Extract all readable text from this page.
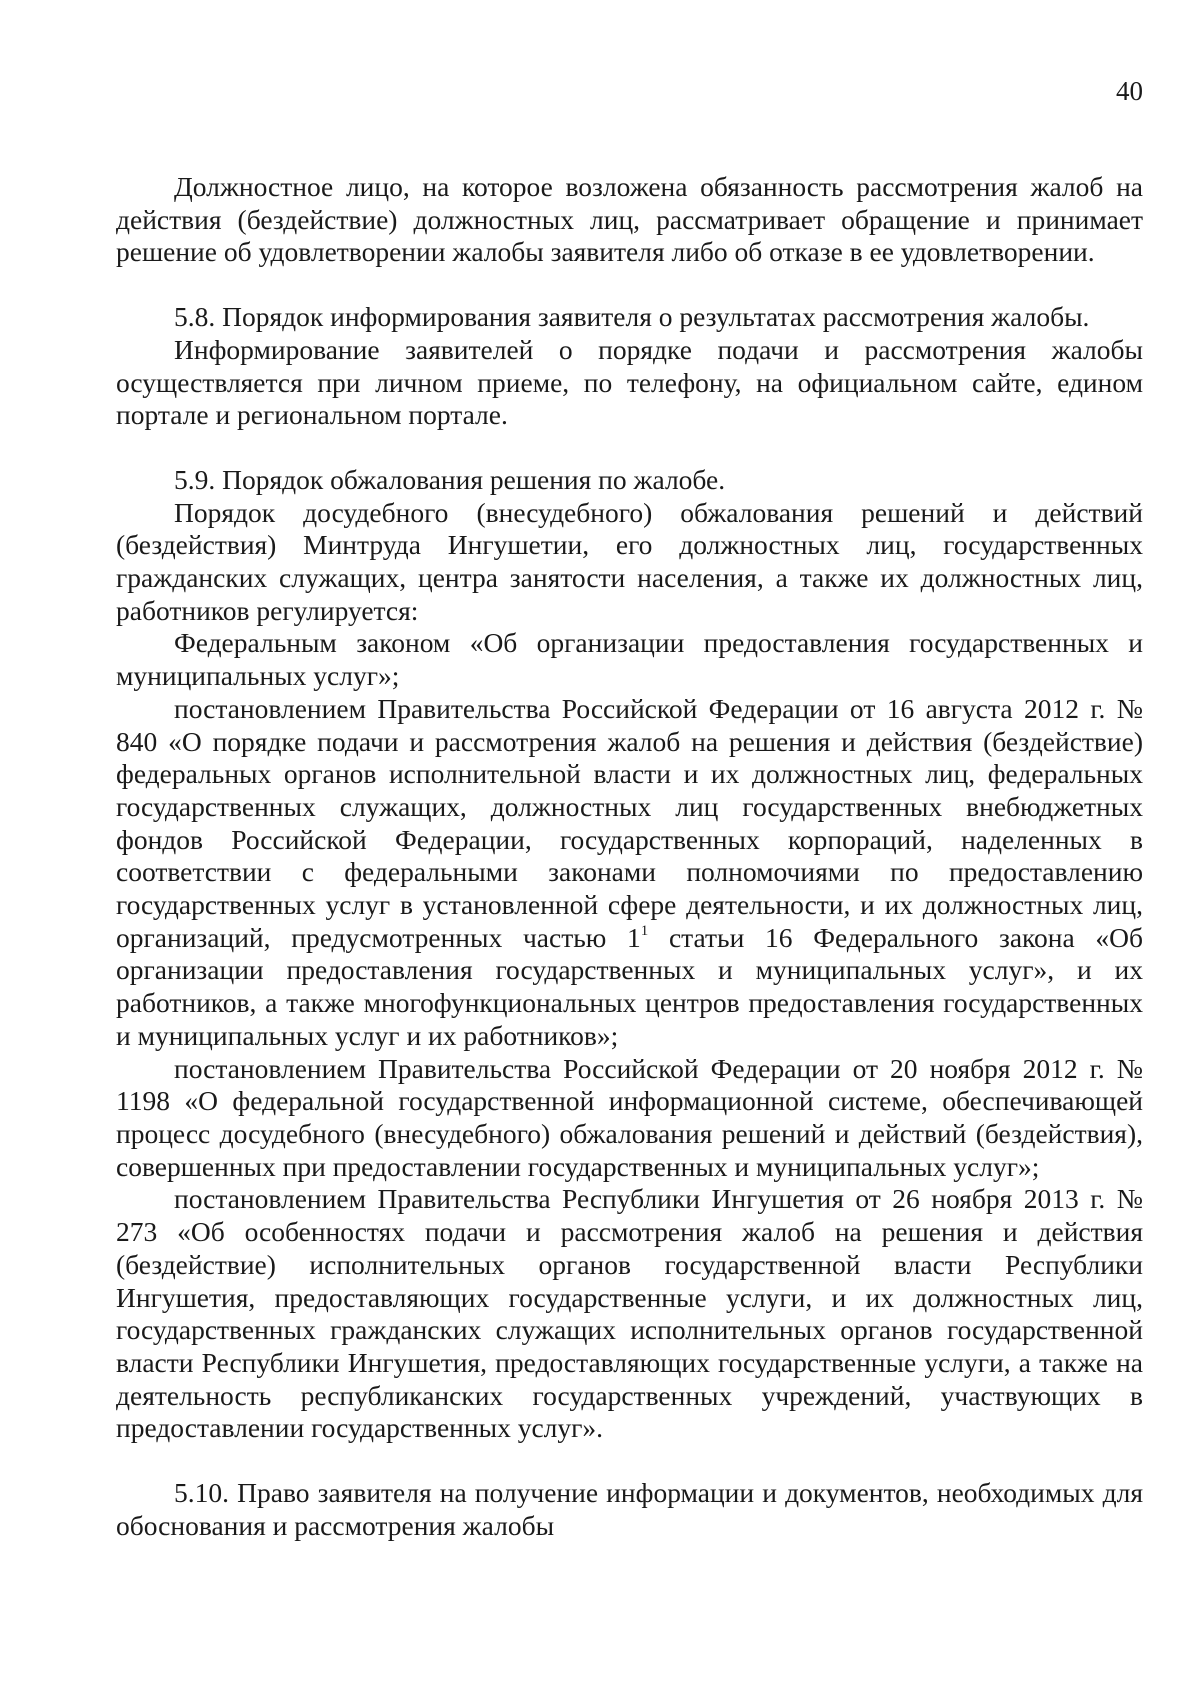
40

Должностное лицо, на которое возложена обязанность рассмотрения жалоб на действия (бездействие) должностных лиц, рассматривает обращение и принимает решение об удовлетворении жалобы заявителя либо об отказе в ее удовлетворении.

5.8. Порядок информирования заявителя о результатах рассмотрения жалобы.

Информирование заявителей о порядке подачи и рассмотрения жалобы осуществляется при личном приеме, по телефону, на официальном сайте, едином портале и региональном портале.

5.9. Порядок обжалования решения по жалобе.

Порядок досудебного (внесудебного) обжалования решений и действий (бездействия) Минтруда Ингушетии, его должностных лиц, государственных гражданских служащих, центра занятости населения, а также их должностных лиц, работников регулируется:

Федеральным законом «Об организации предоставления государственных и муниципальных услуг»;

постановлением Правительства Российской Федерации от 16 августа 2012 г. № 840 «О порядке подачи и рассмотрения жалоб на решения и действия (бездействие) федеральных органов исполнительной власти и их должностных лиц, федеральных государственных служащих, должностных лиц государственных внебюджетных фондов Российской Федерации, государственных корпораций, наделенных в соответствии с федеральными законами полномочиями по предоставлению государственных услуг в установленной сфере деятельности, и их должностных лиц, организаций, предусмотренных частью $1^1$ статьи 16 Федерального закона «Об организации предоставления государственных и муниципальных услуг», и их работников, а также многофункциональных центров предоставления государственных и муниципальных услуг и их работников»;

постановлением Правительства Российской Федерации от 20 ноября 2012 г. № 1198 «О федеральной государственной информационной системе, обеспечивающей процесс досудебного (внесудебного) обжалования решений и действий (бездействия), совершенных при предоставлении государственных и муниципальных услуг»;

постановлением Правительства Республики Ингушетия от 26 ноября 2013 г. № 273 «Об особенностях подачи и рассмотрения жалоб на решения и действия (бездействие) исполнительных органов государственной власти Республики Ингушетия, предоставляющих государственные услуги, и их должностных лиц, государственных гражданских служащих исполнительных органов государственной власти Республики Ингушетия, предоставляющих государственные услуги, а также на деятельность республиканских государственных учреждений, участвующих в предоставлении государственных услуг».

5.10. Право заявителя на получение информации и документов, необходимых для обоснования и рассмотрения жалобы
